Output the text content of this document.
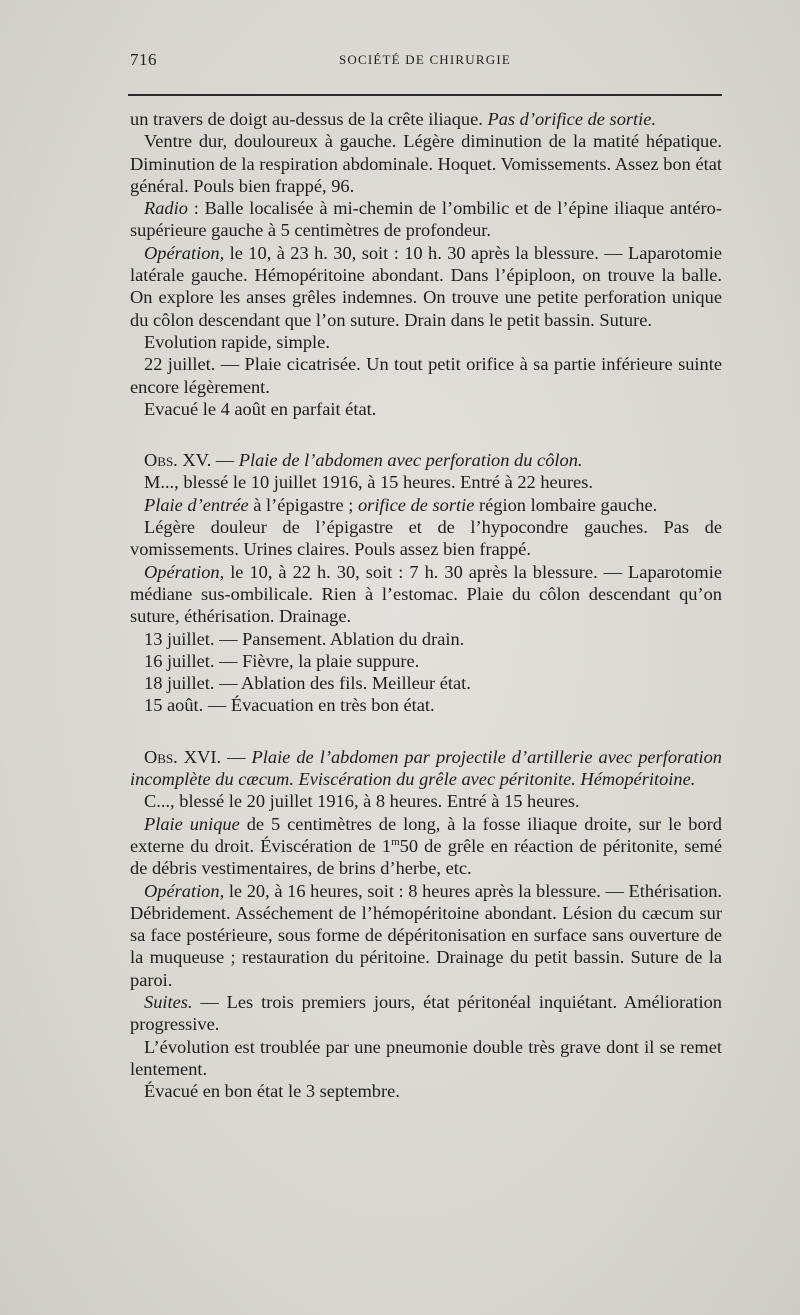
716	SOCIÉTÉ DE CHIRURGIE

un travers de doigt au-dessus de la crête iliaque. Pas d’orifice de sortie.

Ventre dur, douloureux à gauche. Légère diminution de la matité hépatique. Diminution de la respiration abdominale. Hoquet. Vomissements. Assez bon état général. Pouls bien frappé, 96.

Radio : Balle localisée à mi-chemin de l’ombilic et de l’épine iliaque antéro-supérieure gauche à 5 centimètres de profondeur.

Opération, le 10, à 23 h. 30, soit : 10 h. 30 après la blessure. — Laparotomie latérale gauche. Hémopéritoine abondant. Dans l’épiploon, on trouve la balle. On explore les anses grêles indemnes. On trouve une petite perforation unique du côlon descendant que l’on suture. Drain dans le petit bassin. Suture.

Evolution rapide, simple.

22 juillet. — Plaie cicatrisée. Un tout petit orifice à sa partie inférieure suinte encore légèrement.

Evacué le 4 août en parfait état.

Obs. XV. — Plaie de l’abdomen avec perforation du côlon.

M..., blessé le 10 juillet 1916, à 15 heures. Entré à 22 heures.

Plaie d’entrée à l’épigastre ; orifice de sortie région lombaire gauche.

Légère douleur de l’épigastre et de l’hypocondre gauches. Pas de vomissements. Urines claires. Pouls assez bien frappé.

Opération, le 10, à 22 h. 30, soit : 7 h. 30 après la blessure. — Laparotomie médiane sus-ombilicale. Rien à l’estomac. Plaie du côlon descendant qu’on suture, éthérisation. Drainage.

13 juillet. — Pansement. Ablation du drain.

16 juillet. — Fièvre, la plaie suppure.

18 juillet. — Ablation des fils. Meilleur état.

15 août. — Évacuation en très bon état.

Obs. XVI. — Plaie de l’abdomen par projectile d’artillerie avec perforation incomplète du cæcum. Eviscération du grêle avec péritonite. Hémopéritoine.

C..., blessé le 20 juillet 1916, à 8 heures. Entré à 15 heures.

Plaie unique de 5 centimètres de long, à la fosse iliaque droite, sur le bord externe du droit. Éviscération de 1$^m$50 de grêle en réaction de péritonite, semé de débris vestimentaires, de brins d’herbe, etc.

Opération, le 20, à 16 heures, soit : 8 heures après la blessure. — Ethérisation. Débridement. Asséchement de l’hémopéritoine abondant. Lésion du cæcum sur sa face postérieure, sous forme de dépéritonisation en surface sans ouverture de la muqueuse ; restauration du péritoine. Drainage du petit bassin. Suture de la paroi.

Suites. — Les trois premiers jours, état péritonéal inquiétant. Amélioration progressive.

L’évolution est troublée par une pneumonie double très grave dont il se remet lentement.

Évacué en bon état le 3 septembre.
